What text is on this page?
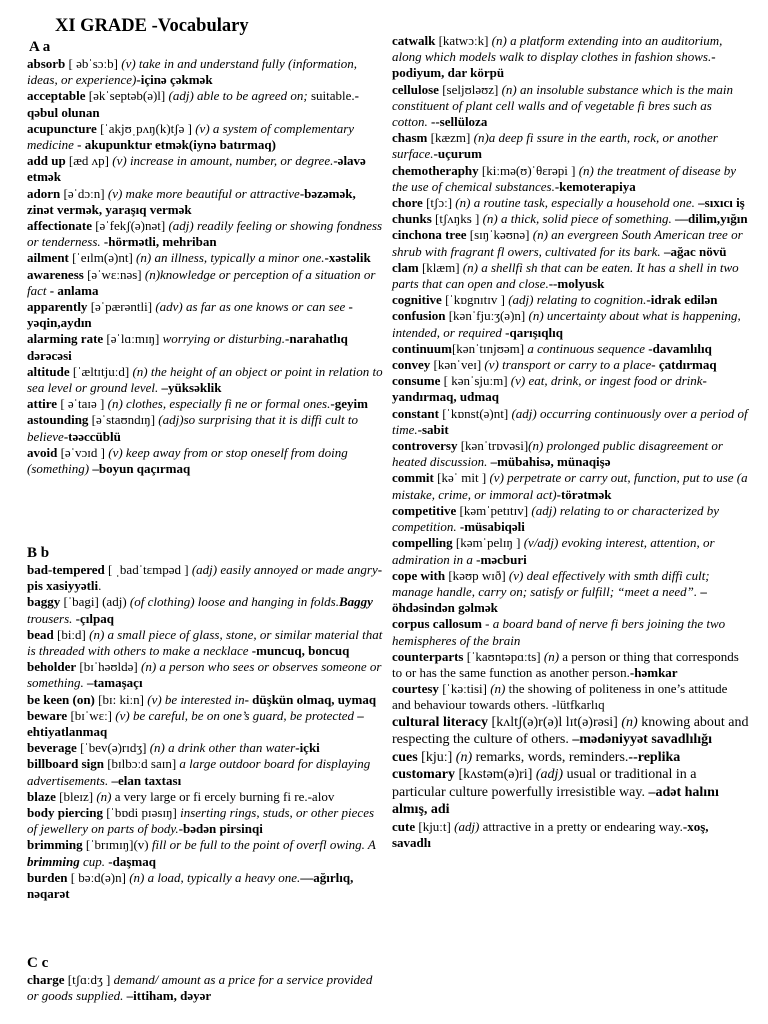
XI GRADE -Vocabulary
A a
absorb [ əbˈsɔːb] (v) take in and understand fully (information, ideas, or experience)-içinə çəkmək
acceptable [əkˈseptəb(ə)l] (adj) able to be agreed on; suitable.-qəbul olunan
acupuncture [ˈakjʊˌpʌŋ(k)tʃə ] (v) a system of complementary medicine - akupunktur etmək(iynə batırmaq)
add up [æd ʌp] (v) increase in amount, number, or degree.-əlavə etmək
adorn [əˈdɔːn] (v) make more beautiful or attractive-bəzəmək, zinət vermək, yaraşıq vermək
affectionate [əˈfekʃ(ə)nət] (adj) readily feeling or showing fondness or tenderness. -hörmətli, mehriban
ailment [ˈeɪlm(ə)nt] (n) an illness, typically a minor one.-xəstəlik
awareness [əˈwɛːnəs] (n)knowledge or perception of a situation or fact - anlama
apparently [əˈpærəntli] (adv) as far as one knows or can see - yəqin,aydın
alarming rate [əˈlɑːmɪŋ] worrying or disturbing.-narahatlıq dərəcəsi
altitude [ˈæltɪtjuːd] (n) the height of an object or point in relation to sea level or ground level. –yüksəklik
attire [ əˈtaɪə ] (n) clothes, especially fi ne or formal ones.-geyim
astounding [əˈstaʊndɪŋ] (adj)so surprising that it is diffi cult to believe-təəccüblü
avoid [əˈvɔɪd ] (v) keep away from or stop oneself from doing (something) –boyun qaçırmaq
B b
bad-tempered [ ˌbadˈtɛmpəd ] (adj) easily annoyed or made angry-pis xasiyyətli.
baggy [ˈbagi] (adj) (of clothing) loose and hanging in folds.Baggy trousers. -çılpaq
bead [biːd] (n) a small piece of glass, stone, or similar material that is threaded with others to make a necklace -muncuq, boncuq
beholder [bɪˈhəʊldə] (n) a person who sees or observes someone or something. –tamaşaçı
be keen (on) [bɪ: kiːn] (v) be interested in- düşkün olmaq, uymaq
beware [bɪˈwɛː] (v) be careful, be on one’s guard, be protected –ehtiyatlanmaq
beverage [ˈbev(ə)rɪdʒ] (n) a drink other than water-içki
billboard sign [bɪlbɔːd saɪn] a large outdoor board for displaying advertisements. –elan taxtası
blaze [bleɪz] (n) a very large or fi ercely burning fi re.-alov
body piercing [ˈbɒdi pɪəsɪŋ] inserting rings, studs, or other pieces of jewellery on parts of body.-bədən pirsinqi
brimming [ˈbrɪmɪŋ](v) fill or be full to the point of overfl owing. A brimming cup. -daşmaq
burden [ bəːd(ə)n] (n) a load, typically a heavy one.—ağırlıq, nəqarət
C c
charge [tʃɑːdʒ ] demand/ amount as a price for a service provided or goods supplied. –ittiham, dəyər
catwalk [katwɔːk] (n) a platform extending into an auditorium, along which models walk to display clothes in fashion shows.-podiyum, dar körpü
cellulose [seljʊləʊz] (n) an insoluble substance which is the main constituent of plant cell walls and of vegetable fi bres such as cotton. --sellüloza
chasm [kæzm] (n)a deep fi ssure in the earth, rock, or another surface.-uçurum
chemotheraphy [kiːmə(ʊ)ˈθɛrəpi ] (n) the treatment of disease by the use of chemical substances.-kemoterapiya
chore [tʃɔː] (n) a routine task, especially a household one. –sıxıcı iş
chunks [tʃʌŋks ] (n) a thick, solid piece of something. ––dilim,yığın
cinchona tree [sɪŋˈkəʊnə] (n) an evergreen South American tree or shrub with fragrant fl owers, cultivated for its bark. –ağac növü
clam [klæm] (n) a shellfi sh that can be eaten. It has a shell in two parts that can open and close.--molyusk
cognitive [ˈkɒgnɪtɪv ] (adj) relating to cognition.-idrak edilən
confusion [kənˈfjuːʒ(ə)n] (n) uncertainty about what is happening, intended, or required -qarışıqlıq
continuum[kənˈtɪnjʊəm] a continuous sequence -davamlılıq
convey [kənˈveɪ] (v) transport or carry to a place- çatdırmaq
consume [ kənˈsjuːm] (v) eat, drink, or ingest food or drink-yandırmaq, udmaq
constant [ˈkɒnst(ə)nt] (adj) occurring continuously over a period of time.-sabit
controversy [kənˈtrɒvəsi](n) prolonged public disagreement or heated discussion. –mübahisə, münaqişə
commit [kəˈ mit ] (v) perpetrate or carry out, function, put to use (a mistake, crime, or immoral act)-törətmək
competitive [kəmˈpetɪtɪv] (adj) relating to or characterized by competition. -müsabiqəli
compelling [kəmˈpelɪŋ ] (v/adj) evoking interest, attention, or admiration in a -məcburi
cope with [kəʊp wɪð] (v) deal effectively with smth diffi cult; manage handle, carry on; satisfy or fulfill; “meet a need”. –öhdəsindən gəlmək
corpus callosum - a board band of nerve fi bers joining the two hemispheres of the brain
counterparts [ˈkaʊntəpɑːts] (n) a person or thing that corresponds to or has the same function as another person.-həmkar
courtesy [ˈkəːtisi] (n) the showing of politeness in one’s attitude and behaviour towards others. -lütfkarlıq
cultural literacy [kʌltʃ(ə)r(ə)l lɪt(ə)rəsi] (n) knowing about and respecting the culture of others. –mədəniyyət savadlılığı
cues [kjuː] (n) remarks, words, reminders.--replika
customary [kʌstəm(ə)ri] (adj) usual or traditional in a particular culture powerfully irresistible way. –adət halını almış, adi
cute [kjuːt] (adj) attractive in a pretty or endearing way.-xoş, savadlı
